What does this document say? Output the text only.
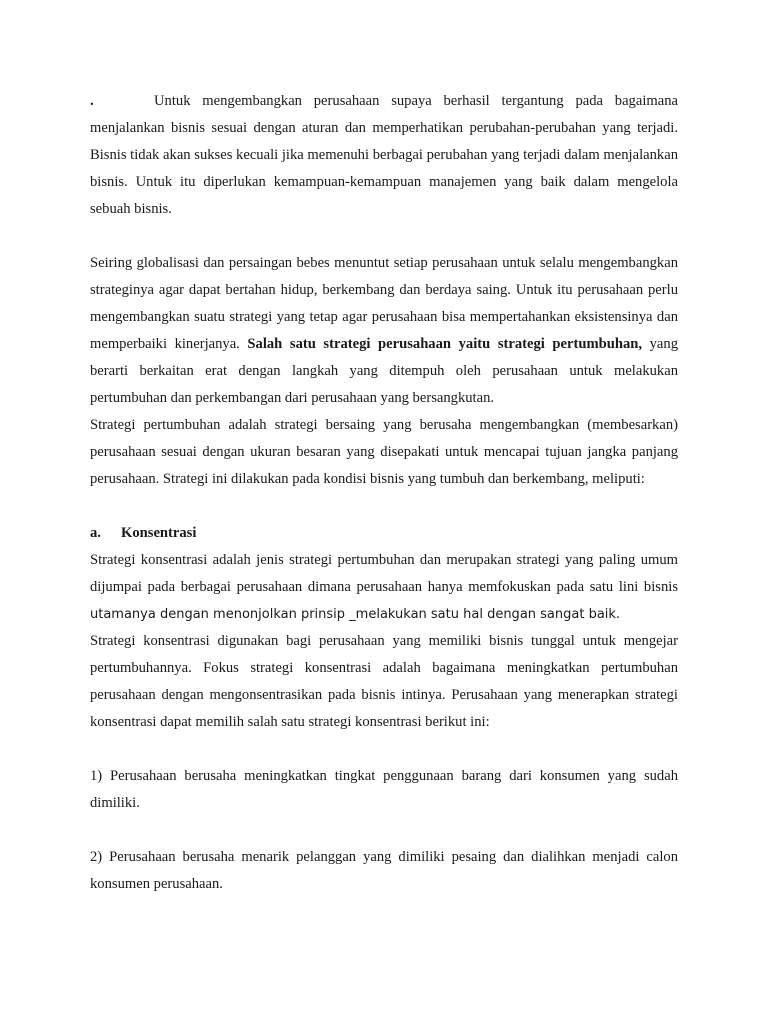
.	Untuk mengembangkan perusahaan supaya berhasil tergantung pada bagaimana menjalankan bisnis sesuai dengan aturan dan memperhatikan perubahan-perubahan yang terjadi. Bisnis tidak akan sukses kecuali jika memenuhi berbagai perubahan yang terjadi dalam menjalankan bisnis. Untuk itu diperlukan kemampuan-kemampuan manajemen yang baik dalam mengelola sebuah bisnis.

Seiring globalisasi dan persaingan bebes menuntut setiap perusahaan untuk selalu mengembangkan strateginya agar dapat bertahan hidup, berkembang dan berdaya saing. Untuk itu perusahaan perlu mengembangkan suatu strategi yang tetap agar perusahaan bisa mempertahankan eksistensinya dan memperbaiki kinerjanya. Salah satu strategi perusahaan yaitu strategi pertumbuhan, yang berarti berkaitan erat dengan langkah yang ditempuh oleh perusahaan untuk melakukan pertumbuhan dan perkembangan dari perusahaan yang bersangkutan.

Strategi pertumbuhan adalah strategi bersaing yang berusaha mengembangkan (membesarkan) perusahaan sesuai dengan ukuran besaran yang disepakati untuk mencapai tujuan jangka panjang perusahaan. Strategi ini dilakukan pada kondisi bisnis yang tumbuh dan berkembang, meliputi:

a. Konsentrasi

Strategi konsentrasi adalah jenis strategi pertumbuhan dan merupakan strategi yang paling umum dijumpai pada berbagai perusahaan dimana perusahaan hanya memfokuskan pada satu lini bisnis utamanya dengan menonjolkan prinsip _melakukan satu hal dengan sangat baik.

Strategi konsentrasi digunakan bagi perusahaan yang memiliki bisnis tunggal untuk mengejar pertumbuhannya. Fokus strategi konsentrasi adalah bagaimana meningkatkan pertumbuhan perusahaan dengan mengonsentrasikan pada bisnis intinya. Perusahaan yang menerapkan strategi konsentrasi dapat memilih salah satu strategi konsentrasi berikut ini:

1) Perusahaan berusaha meningkatkan tingkat penggunaan barang dari konsumen yang sudah dimiliki.

2) Perusahaan berusaha menarik pelanggan yang dimiliki pesaing dan dialihkan menjadi calon konsumen perusahaan.
